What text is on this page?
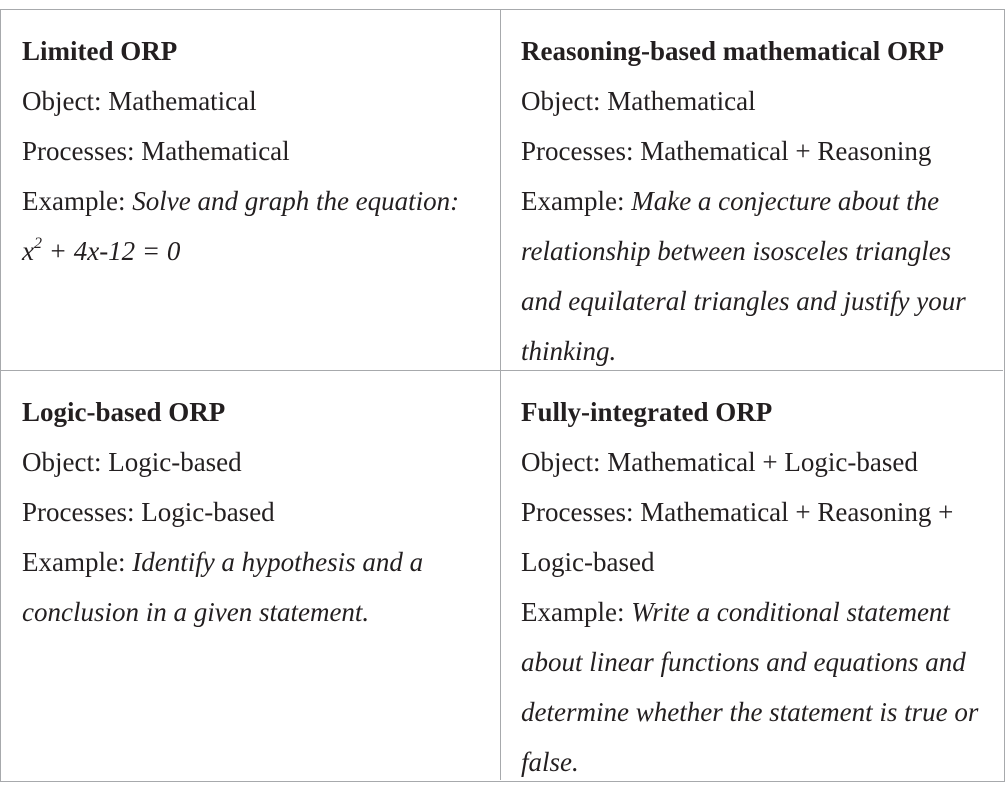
Limited ORP
Object: Mathematical
Processes: Mathematical
Example: Solve and graph the equation:
$x^2 + 4x-12 = 0$
Reasoning-based mathematical ORP
Object: Mathematical
Processes: Mathematical + Reasoning
Example: Make a conjecture about the relationship between isosceles triangles and equilateral triangles and justify your thinking.
Logic-based ORP
Object: Logic-based
Processes: Logic-based
Example: Identify a hypothesis and a conclusion in a given statement.
Fully-integrated ORP
Object: Mathematical + Logic-based
Processes: Mathematical + Reasoning + Logic-based
Example: Write a conditional statement about linear functions and equations and determine whether the statement is true or false.
